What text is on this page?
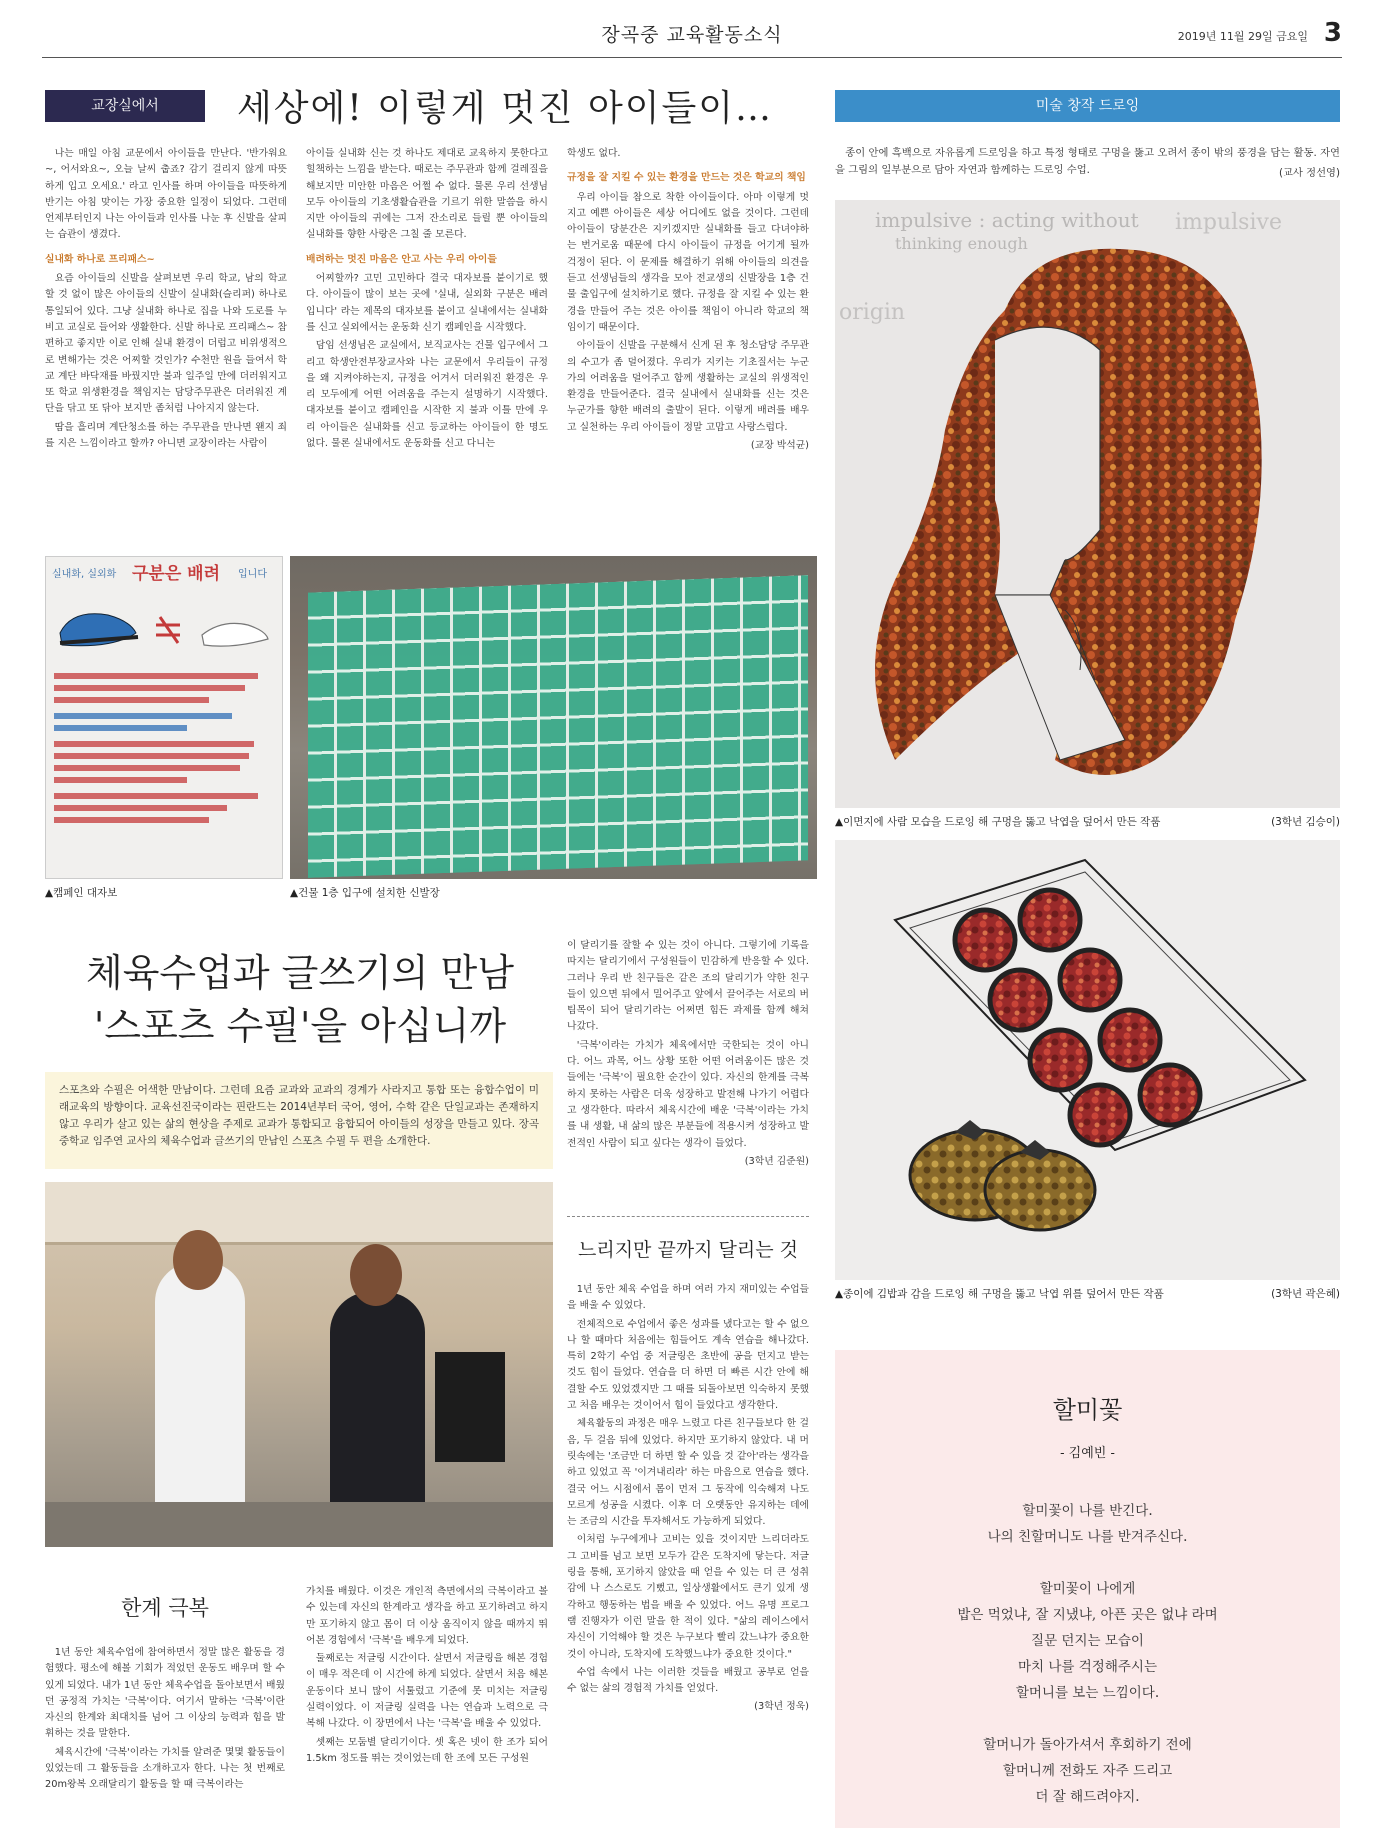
장곡중 교육활동소식	2019년 11월 29일 금요일 3
교장실에서	세상에! 이렇게 멋진 아이들이…

나는 매일 아침 교문에서 아이들을 만난다. '반가워요~, 어서와요~, 오늘 날씨 춥죠? 감기 걸리지 않게 따뜻하게 입고 오세요.' 라고 인사를 하며 아이들을 따뜻하게 반기는 아침 맞이는 가장 중요한 일정이 되었다. 그런데 언제부터인지 나는 아이들과 인사를 나눈 후 신발을 살피는 습관이 생겼다.

실내화 하나로 프리패스~

요즘 아이들의 신발을 살펴보면 우리 학교, 남의 학교 할 것 없이 많은 아이들의 신발이 실내화(슬리퍼) 하나로 통일되어 있다. 그냥 실내화 하나로 집을 나와 도로를 누비고 교실로 들어와 생활한다. 신발 하나로 프리패스~ 참 편하고 좋지만 이로 인해 실내 환경이 더럽고 비위생적으로 변해가는 것은 어찌할 것인가? 수천만 원을 들여서 학교 계단 바닥재를 바꿨지만 불과 일주일 만에 더러워지고 또 학교 위생환경을 책임지는 담당주무관은 더러워진 계단을 닦고 또 닦아 보지만 좀처럼 나아지지 않는다.

땀을 흘리며 계단청소를 하는 주무관을 만나면 왠지 죄를 지은 느낌이라고 할까? 아니면 교장이라는 사람이

아이들 실내화 신는 것 하나도 제대로 교육하지 못한다고 힐책하는 느낌을 받는다. 때로는 주무관과 함께 걸레질을 해보지만 미안한 마음은 어쩔 수 없다. 물론 우리 선생님 모두 아이들의 기초생활습관을 기르기 위한 말씀을 하시지만 아이들의 귀에는 그저 잔소리로 들릴 뿐 아이들의 실내화를 향한 사랑은 그칠 줄 모른다.

배려하는 멋진 마음은 안고 사는 우리 아이들

어찌할까? 고민 고민하다 결국 대자보를 붙이기로 했다. 아이들이 많이 보는 곳에 '실내, 실외화 구분은 배려입니다' 라는 제목의 대자보를 붙이고 실내에서는 실내화를 신고 실외에서는 운동화 신기 캠페인을 시작했다.

담임 선생님은 교실에서, 보직교사는 건물 입구에서 그리고 학생안전부장교사와 나는 교문에서 우리들이 규정을 왜 지켜야하는지, 규정을 어겨서 더러워진 환경은 우리 모두에게 어떤 어려움을 주는지 설명하기 시작했다. 대자보를 붙이고 캠페인을 시작한 지 불과 이틀 만에 우리 아이들은 실내화를 신고 등교하는 아이들이 한 명도 없다. 물론 실내에서도 운동화를 신고 다니는

학생도 없다.

규정을 잘 지킬 수 있는 환경을 만드는 것은 학교의 책임

우리 아이들 참으로 착한 아이들이다. 아마 이렇게 멋지고 예쁜 아이들은 세상 어디에도 없을 것이다. 그런데 아이들이 당분간은 지키겠지만 실내화를 들고 다녀야하는 번거로움 때문에 다시 아이들이 규정을 어기게 될까 걱정이 된다. 이 문제를 해결하기 위해 아이들의 의견을 듣고 선생님들의 생각을 모아 전교생의 신발장을 1층 건물 출입구에 설치하기로 했다. 규정을 잘 지킬 수 있는 환경을 만들어 주는 것은 아이를 책임이 아니라 학교의 책임이기 때문이다.

아이들이 신발을 구분해서 신게 된 후 청소담당 주무관의 수고가 좀 덜어졌다. 우리가 지키는 기초질서는 누군가의 어려움을 덜어주고 함께 생활하는 교실의 위생적인 환경을 만들어준다. 결국 실내에서 실내화를 신는 것은 누군가를 향한 배려의 출발이 된다. 이렇게 배려를 배우고 실천하는 우리 아이들이 정말 고맙고 사랑스럽다.

(교장 박석균)

실내화, 실외화 구분은 배려 입니다
▲캠페인 대자보	▲건물 1층 입구에 설치한 신발장
체육수업과 글쓰기의 만남
'스포츠 수필'을 아십니까
스포츠와 수필은 어색한 만남이다. 그런데 요즘 교과와 교과의 경계가 사라지고 통합 또는 융합수업이 미래교육의 방향이다. 교육선진국이라는 핀란드는 2014년부터 국어, 영어, 수학 같은 단일교과는 존재하지 않고 우리가 살고 있는 삶의 현상을 주제로 교과가 통합되고 융합되어 아이들의 성장을 만들고 있다. 장곡중학교 임주연 교사의 체육수업과 글쓰기의 만남인 스포츠 수필 두 편을 소개한다.
한계 극복

1년 동안 체육수업에 참여하면서 정말 많은 활동을 경험했다. 평소에 해볼 기회가 적었던 운동도 배우며 할 수 있게 되었다. 내가 1년 동안 체육수업을 돌아보면서 배웠던 공정적 가치는 '극복'이다. 여기서 말하는 '극복'이란 자신의 한계와 최대치를 넘어 그 이상의 능력과 힘을 발휘하는 것을 말한다.

체육시간에 '극복'이라는 가치를 알려준 몇몇 활동들이 있었는데 그 활동들을 소개하고자 한다. 나는 첫 번째로 20m왕복 오래달리기 활동을 할 때 극복이라는

가치를 배웠다. 이것은 개인적 측면에서의 극복이라고 볼 수 있는데 자신의 한계라고 생각을 하고 포기하려고 하지만 포기하지 않고 몸이 더 이상 움직이지 않을 때까지 뛰어본 경험에서 '극복'을 배우게 되었다.

둘째로는 저글링 시간이다. 살면서 저글링을 해본 경험이 매우 적은데 이 시간에 하게 되었다. 살면서 처음 해본 운동이다 보니 많이 서툴렀고 기준에 못 미치는 저글링 실력이었다. 이 저글링 실력을 나는 연습과 노력으로 극복해 나갔다. 이 장면에서 나는 '극복'을 배울 수 있었다.

셋째는 모둠별 달리기이다. 셋 혹은 넷이 한 조가 되어 1.5km 정도를 뛰는 것이었는데 한 조에 모든 구성원

이 달리기를 잘할 수 있는 것이 아니다. 그렇기에 기록을 따지는 달리기에서 구성원들이 민감하게 반응할 수 있다. 그러나 우리 반 친구들은 같은 조의 달리기가 약한 친구들이 있으면 뒤에서 밀어주고 앞에서 끌어주는 서로의 버팀목이 되어 달리기라는 어쩌면 힘든 과제를 함께 해쳐 나갔다.

'극복'이라는 가치가 체육에서만 국한되는 것이 아니다. 어느 과목, 어느 상황 또한 어떤 어려움이든 많은 것들에는 '극복'이 필요한 순간이 있다. 자신의 한계를 극복하지 못하는 사람은 더욱 성장하고 발전해 나가기 어렵다고 생각한다. 따라서 체육시간에 배운 '극복'이라는 가치를 내 생활, 내 삶의 많은 부분들에 적용시켜 성장하고 발전적인 사람이 되고 싶다는 생각이 들었다.

(3학년 김준원)

느리지만 끝까지 달리는 것

1년 동안 체육 수업을 하며 여러 가지 재미있는 수업들을 배울 수 있었다.

전체적으로 수업에서 좋은 성과를 냈다고는 할 수 없으나 할 때마다 처음에는 힘들어도 계속 연습을 해나갔다. 특히 2학기 수업 중 저글링은 초반에 공을 던지고 받는 것도 힘이 들었다. 연습을 더 하면 더 빠른 시간 안에 해결할 수도 있었겠지만 그 때를 되돌아보면 익숙하지 못했고 처음 배우는 것이어서 힘이 들었다고 생각한다.

체육활동의 과정은 매우 느렸고 다른 친구들보다 한 걸음, 두 걸음 뒤에 있었다. 하지만 포기하지 않았다. 내 머릿속에는 '조금만 더 하면 할 수 있을 것 같아'라는 생각을 하고 있었고 꼭 '이겨내리라' 하는 마음으로 연습을 했다. 결국 어느 시점에서 몸이 먼저 그 동작에 익숙해져 나도 모르게 성공을 시켰다. 이후 더 오랫동안 유지하는 데에는 조금의 시간을 투자해서도 가능하게 되었다.

이처럼 누구에게나 고비는 있을 것이지만 느리더라도 그 고비를 넘고 보면 모두가 같은 도착지에 닿는다. 저글링을 통해, 포기하지 않았을 때 얻을 수 있는 더 큰 성취감에 나 스스로도 기뻤고, 일상생활에서도 큰기 있게 생각하고 행동하는 법을 배울 수 있었다. 어느 유명 프로그램 진행자가 이런 말을 한 적이 있다. "삶의 레이스에서 자신이 기억해야 할 것은 누구보다 빨리 갔느냐가 중요한 것이 아니라, 도착지에 도착했느냐가 중요한 것이다."

수업 속에서 나는 이러한 것들을 배웠고 공부로 얻을 수 없는 삶의 경험적 가치를 얻었다.

(3학년 정욱)

미술 창작 드로잉
종이 안에 흑백으로 자유롭게 드로잉을 하고 특정 형태로 구멍을 뚫고 오려서 종이 밖의 풍경을 담는 활동. 자연을 그림의 일부분으로 담아 자연과 함께하는 드로잉 수업.	(교사 정선영)
impulsive : acting without
thinking enough
impulsive
origin
▲이면지에 사람 모습을 드로잉 해 구멍을 뚫고 낙엽을 덮어서 만든 작품	(3학년 김승이)
▲종이에 김밥과 감을 드로잉 해 구멍을 뚫고 낙엽 위를 덮어서 만든 작품	(3학년 곽은혜)
할미꽃
- 김예빈 -
할미꽃이 나를 반긴다.
나의 친할머니도 나를 반겨주신다.
할미꽃이 나에게
밥은 먹었냐, 잘 지냈냐, 아픈 곳은 없냐 라며
질문 던지는 모습이
마치 나를 걱정해주시는
할머니를 보는 느낌이다.
할머니가 돌아가셔서 후회하기 전에
할머니께 전화도 자주 드리고
더 잘 해드려야지.
